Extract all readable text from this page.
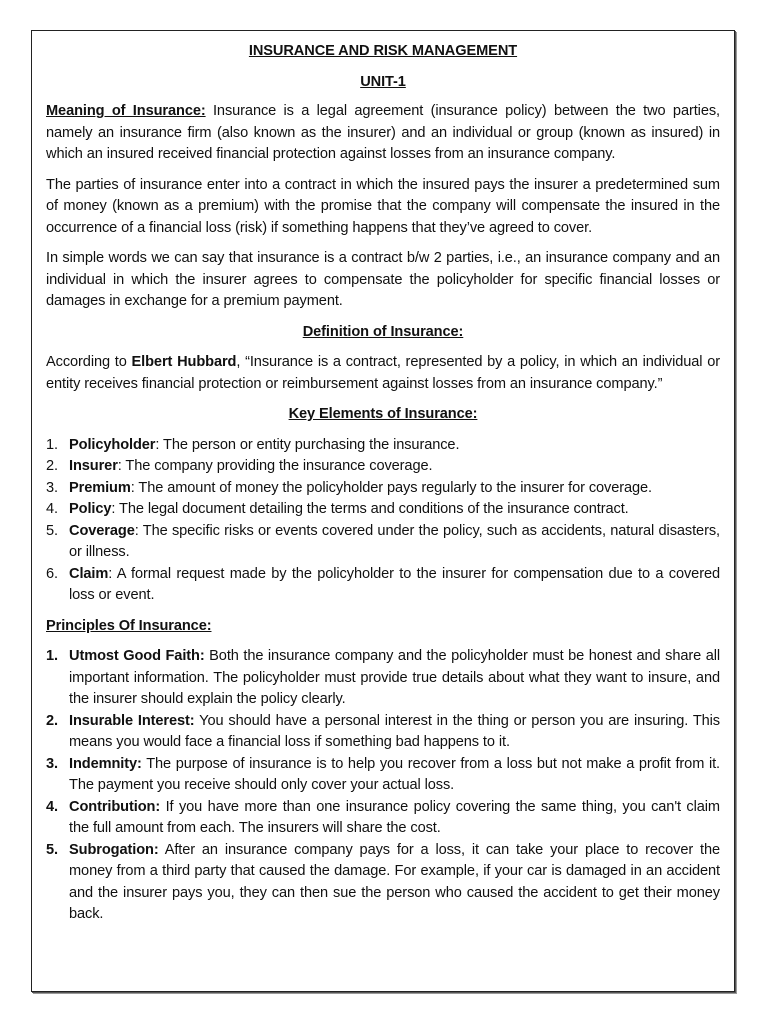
INSURANCE AND RISK MANAGEMENT
UNIT-1

Meaning of Insurance: Insurance is a legal agreement (insurance policy) between the two parties, namely an insurance firm (also known as the insurer) and an individual or group (known as insured) in which an insured received financial protection against losses from an insurance company.

The parties of insurance enter into a contract in which the insured pays the insurer a predetermined sum of money (known as a premium) with the promise that the company will compensate the insured in the occurrence of a financial loss (risk) if something happens that they’ve agreed to cover.

In simple words we can say that insurance is a contract b/w 2 parties, i.e., an insurance company and an individual in which the insurer agrees to compensate the policyholder for specific financial losses or damages in exchange for a premium payment.

Definition of Insurance:

According to Elbert Hubbard, “Insurance is a contract, represented by a policy, in which an individual or entity receives financial protection or reimbursement against losses from an insurance company.”

Key Elements of Insurance:
1. Policyholder: The person or entity purchasing the insurance.
2. Insurer: The company providing the insurance coverage.
3. Premium: The amount of money the policyholder pays regularly to the insurer for coverage.
4. Policy: The legal document detailing the terms and conditions of the insurance contract.
5. Coverage: The specific risks or events covered under the policy, such as accidents, natural disasters, or illness.
6. Claim: A formal request made by the policyholder to the insurer for compensation due to a covered loss or event.
Principles Of Insurance:
1. Utmost Good Faith: Both the insurance company and the policyholder must be honest and share all important information. The policyholder must provide true details about what they want to insure, and the insurer should explain the policy clearly.
2. Insurable Interest: You should have a personal interest in the thing or person you are insuring. This means you would face a financial loss if something bad happens to it.
3. Indemnity: The purpose of insurance is to help you recover from a loss but not make a profit from it. The payment you receive should only cover your actual loss.
4. Contribution: If you have more than one insurance policy covering the same thing, you can't claim the full amount from each. The insurers will share the cost.
5. Subrogation: After an insurance company pays for a loss, it can take your place to recover the money from a third party that caused the damage. For example, if your car is damaged in an accident and the insurer pays you, they can then sue the person who caused the accident to get their money back.
